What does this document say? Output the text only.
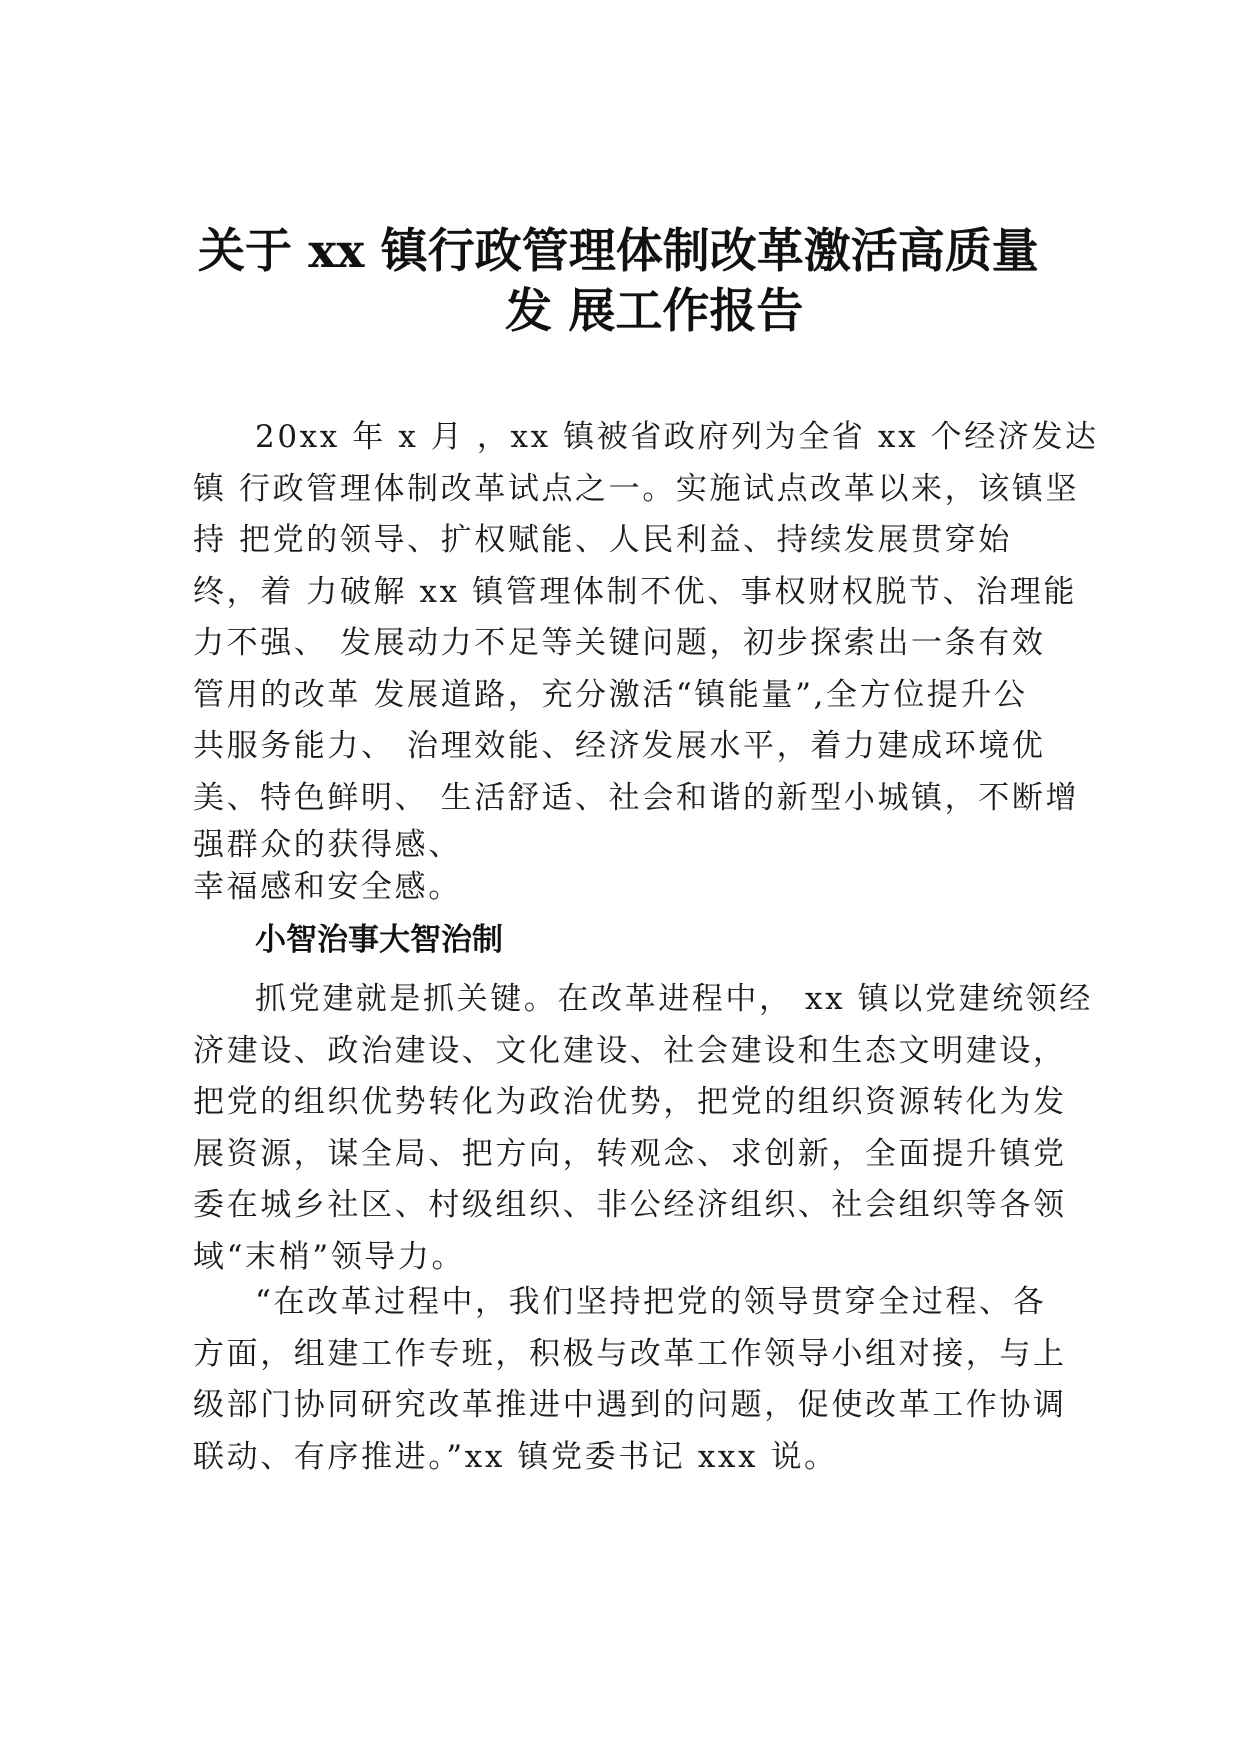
关于 xx 镇行政管理体制改革激活高质量
发 展工作报告
20xx 年 x 月 ，xx 镇被省政府列为全省 xx 个经济发达
镇 行政管理体制改革试点之一。实施试点改革以来，该镇坚
持 把党的领导、扩权赋能、人民利益、持续发展贯穿始
终，着 力破解 xx 镇管理体制不优、事权财权脱节、治理能
力不强、 发展动力不足等关键问题，初步探索出一条有效
管用的改革 发展道路，充分激活“镇能量”,全方位提升公
共服务能力、 治理效能、经济发展水平，着力建成环境优
美、特色鲜明、 生活舒适、社会和谐的新型小城镇，不断增
强群众的获得感、
幸福感和安全感。
小智治事大智治制
抓党建就是抓关键。在改革进程中， xx 镇以党建统领经
济建设、政治建设、文化建设、社会建设和生态文明建设，
把党的组织优势转化为政治优势，把党的组织资源转化为发
展资源，谋全局、把方向，转观念、求创新，全面提升镇党
委在城乡社区、村级组织、非公经济组织、社会组织等各领
域“末梢”领导力。
“在改革过程中，我们坚持把党的领导贯穿全过程、各
方面，组建工作专班，积极与改革工作领导小组对接，与上
级部门协同研究改革推进中遇到的问题，促使改革工作协调
联动、有序推进。”xx 镇党委书记 xxx 说。
